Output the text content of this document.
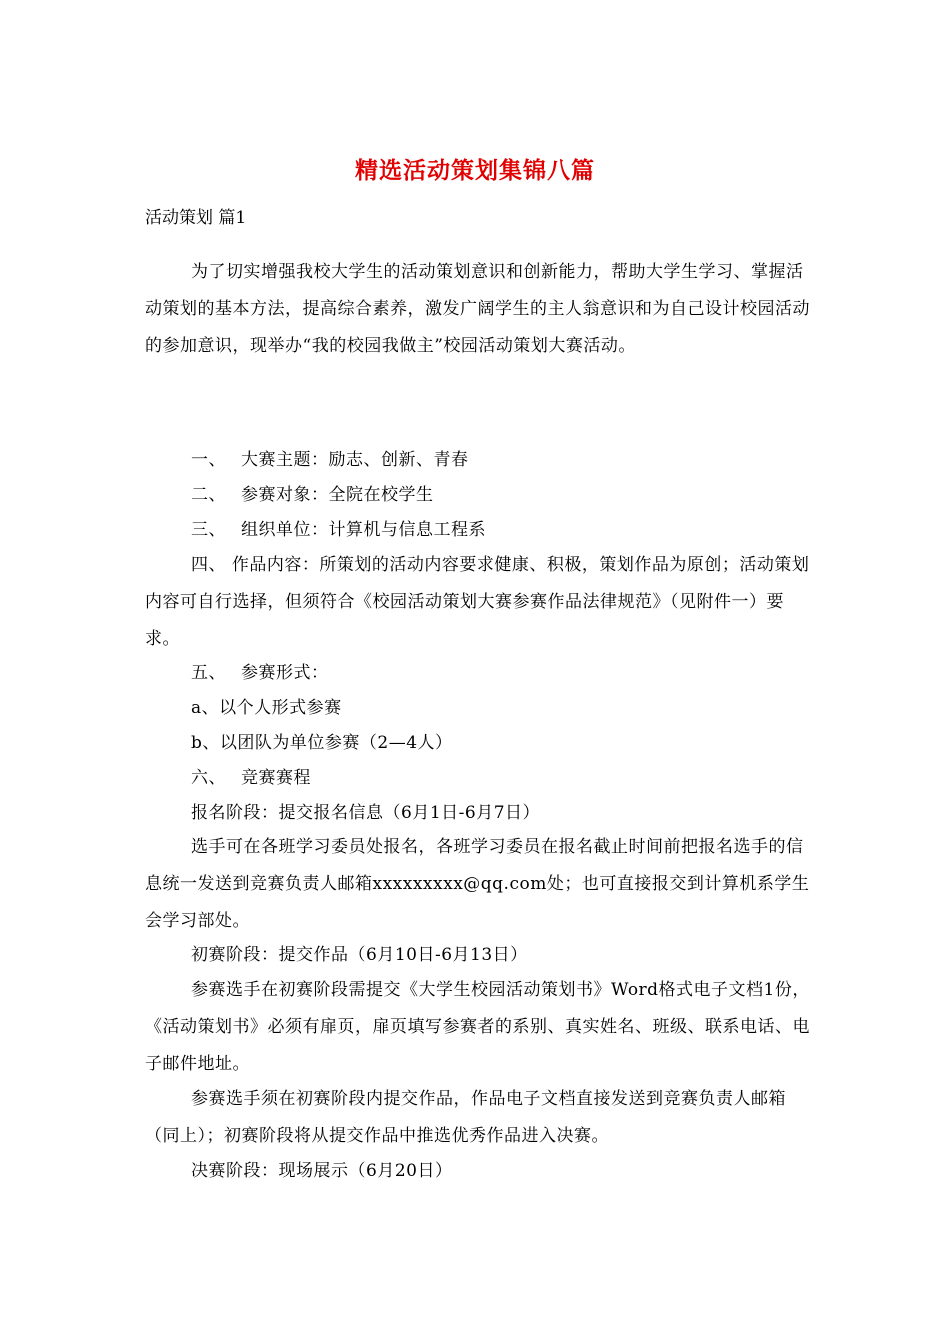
精选活动策划集锦八篇
活动策划 篇1

为了切实增强我校大学生的活动策划意识和创新能力，帮助大学生学习、掌握活动策划的基本方法，提高综合素养，激发广阔学生的主人翁意识和为自己设计校园活动的参加意识，现举办“我的校园我做主”校园活动策划大赛活动。

一、 大赛主题：励志、创新、青春
二、 参赛对象：全院在校学生
三、 组织单位：计算机与信息工程系

四、 作品内容：所策划的活动内容要求健康、积极，策划作品为原创；活动策划内容可自行选择，但须符合《校园活动策划大赛参赛作品法律规范》（见附件一）要求。

五、 参赛形式：
a、以个人形式参赛
b、以团队为单位参赛（2—4人）
六、 竞赛赛程
报名阶段：提交报名信息（6月1日-6月7日）

选手可在各班学习委员处报名，各班学习委员在报名截止时间前把报名选手的信息统一发送到竞赛负责人邮箱xxxxxxxxx@qq.com处；也可直接报交到计算机系学生会学习部处。

初赛阶段：提交作品（6月10日-6月13日）

参赛选手在初赛阶段需提交《大学生校园活动策划书》Word格式电子文档1份，《活动策划书》必须有扉页，扉页填写参赛者的系别、真实姓名、班级、联系电话、电子邮件地址。

参赛选手须在初赛阶段内提交作品，作品电子文档直接发送到竞赛负责人邮箱（同上）；初赛阶段将从提交作品中推选优秀作品进入决赛。

决赛阶段：现场展示（6月20日）
